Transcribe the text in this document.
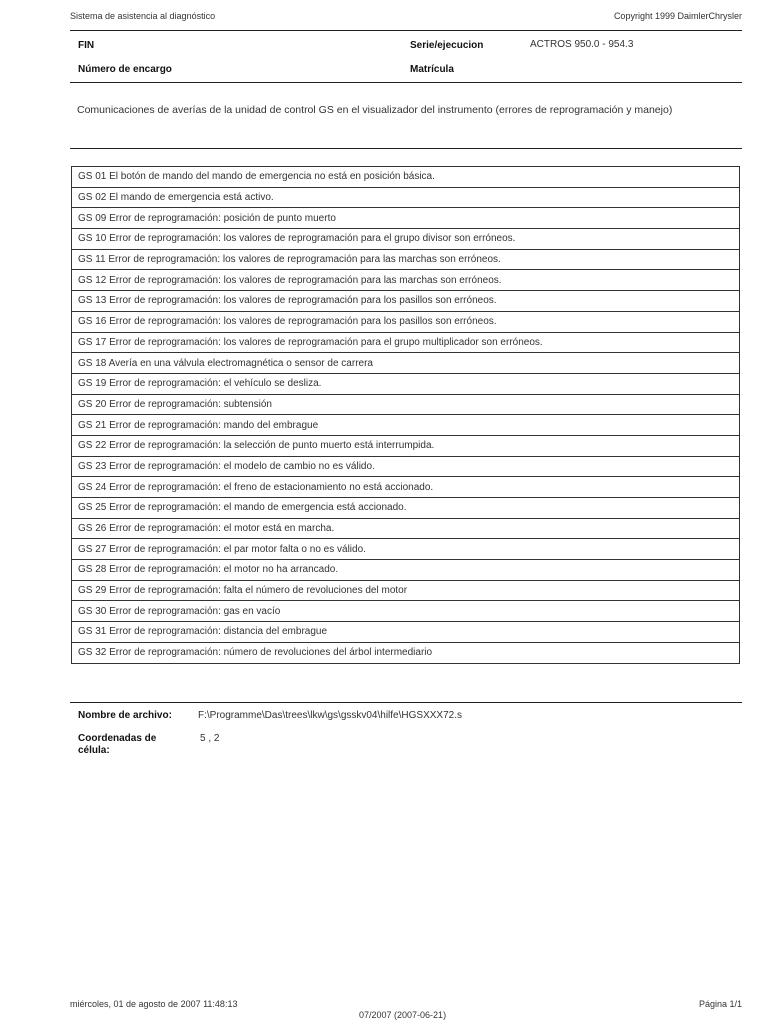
Sistema de asistencia al diagnóstico	Copyright 1999 DaimlerChrysler
FIN	Serie/ejecucion	ACTROS 950.0 - 954.3
Número de encargo	Matrícula
Comunicaciones de averías de la unidad de control GS en el visualizador del instrumento (errores de reprogramación y manejo)
GS 01 El botón de mando del mando de emergencia no está en posición básica.
GS 02 El mando de emergencia está activo.
GS 09 Error de reprogramación: posición de punto muerto
GS 10 Error de reprogramación: los valores de reprogramación para el grupo divisor son erróneos.
GS 11 Error de reprogramación: los valores de reprogramación para las marchas son erróneos.
GS 12 Error de reprogramación: los valores de reprogramación para las marchas son erróneos.
GS 13 Error de reprogramación: los valores de reprogramación para los pasillos son erróneos.
GS 16 Error de reprogramación: los valores de reprogramación para los pasillos son erróneos.
GS 17 Error de reprogramación: los valores de reprogramación para el grupo multiplicador son erróneos.
GS 18 Avería en una válvula electromagnética o sensor de carrera
GS 19 Error de reprogramación: el vehículo se desliza.
GS 20 Error de reprogramación: subtensión
GS 21 Error de reprogramación: mando del embrague
GS 22 Error de reprogramación: la selección de punto muerto está interrumpida.
GS 23 Error de reprogramación: el modelo de cambio no es válido.
GS 24 Error de reprogramación: el freno de estacionamiento no está accionado.
GS 25 Error de reprogramación: el mando de emergencia está accionado.
GS 26 Error de reprogramación: el motor está en marcha.
GS 27 Error de reprogramación: el par motor falta o no es válido.
GS 28 Error de reprogramación: el motor no ha arrancado.
GS 29 Error de reprogramación: falta el número de revoluciones del motor
GS 30 Error de reprogramación: gas en vacío
GS 31 Error de reprogramación: distancia del embrague
GS 32 Error de reprogramación: número de revoluciones del árbol intermediario
Nombre de archivo:	F:\Programme\Das\trees\lkw\gs\gsskv04\hilfe\HGSXXX72.s
Coordenadas de célula:
5 , 2
miércoles, 01 de agosto de 2007 11:48:13	Página 1/1
07/2007 (2007-06-21)
